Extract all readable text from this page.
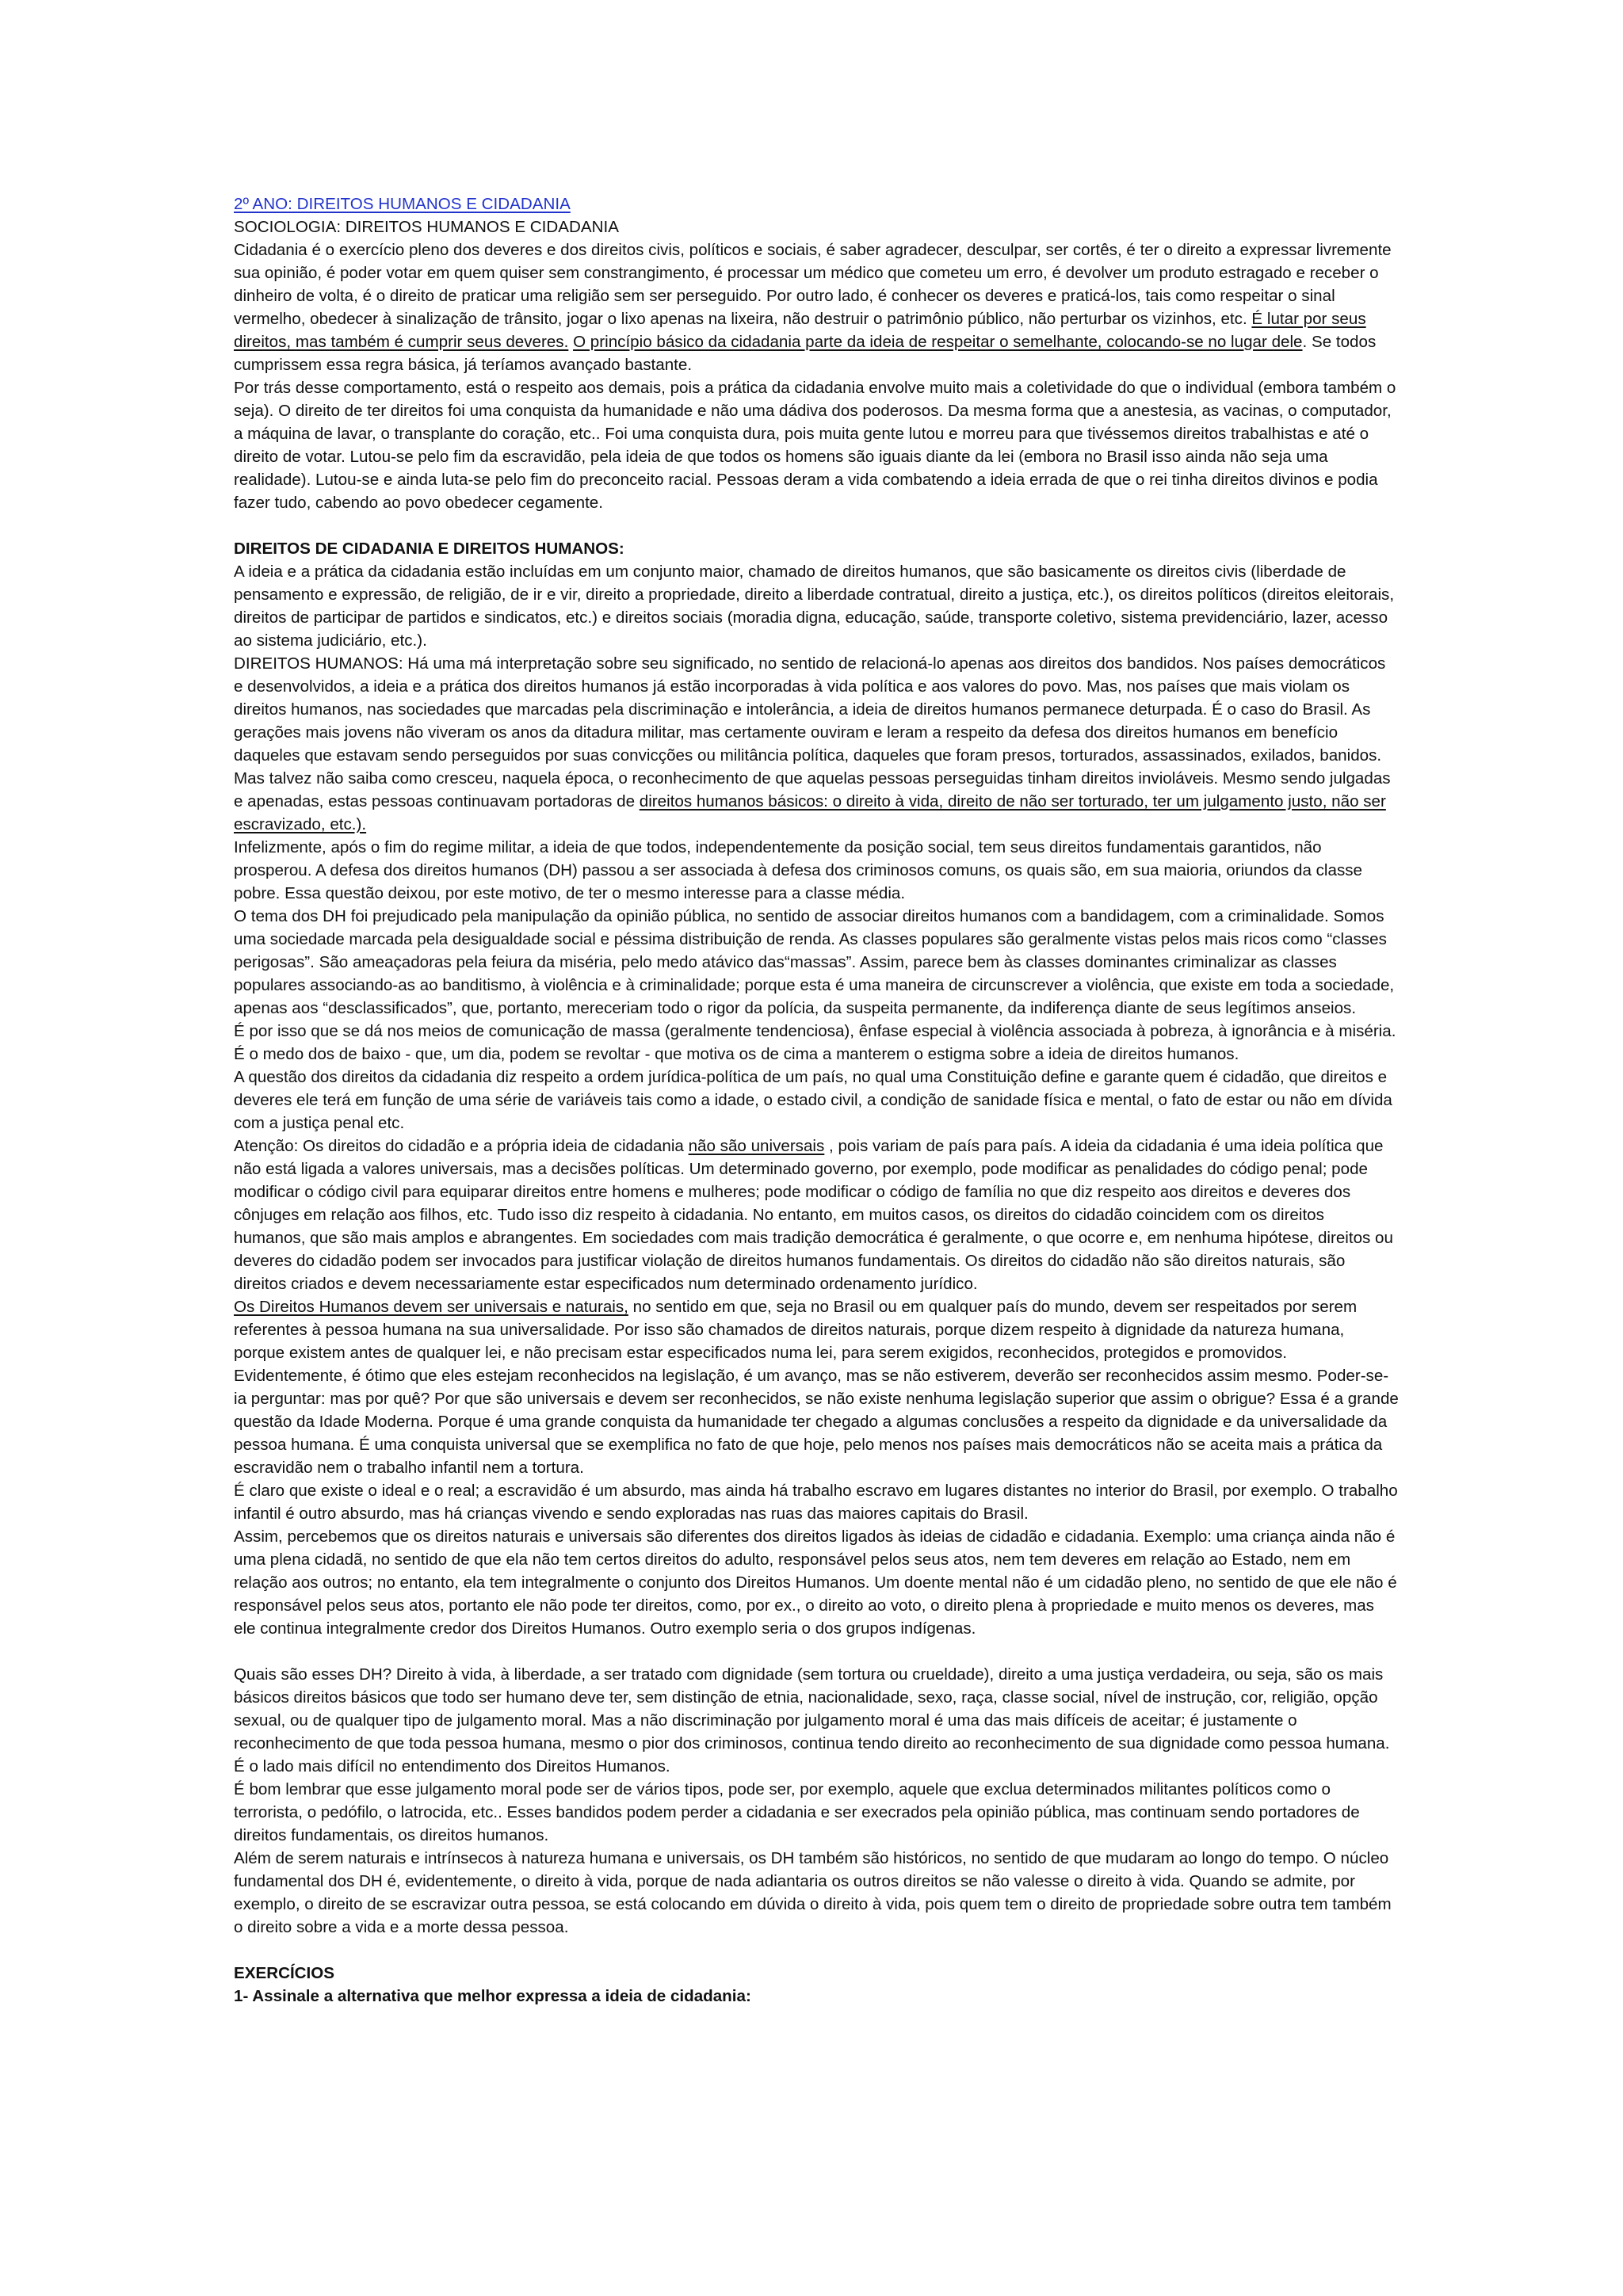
2º ANO: DIREITOS HUMANOS E CIDADANIA

SOCIOLOGIA: DIREITOS HUMANOS E CIDADANIA

Cidadania é o exercício pleno dos deveres e dos direitos civis, políticos e sociais, é saber agradecer, desculpar, ser cortês, é ter o direito a expressar livremente sua opinião, é poder votar em quem quiser sem constrangimento, é processar um médico que cometeu um erro, é devolver um produto estragado e receber o dinheiro de volta, é o direito de praticar uma religião sem ser perseguido. Por outro lado, é conhecer os deveres e praticá-los, tais como respeitar o sinal vermelho, obedecer à sinalização de trânsito, jogar o lixo apenas na lixeira, não destruir o patrimônio público, não perturbar os vizinhos, etc. É lutar por seus direitos, mas também é cumprir seus deveres. O princípio básico da cidadania parte da ideia de respeitar o semelhante, colocando-se no lugar dele. Se todos cumprissem essa regra básica, já teríamos avançado bastante.

Por trás desse comportamento, está o respeito aos demais, pois a prática da cidadania envolve muito mais a coletividade do que o individual (embora também o seja). O direito de ter direitos foi uma conquista da humanidade e não uma dádiva dos poderosos. Da mesma forma que a anestesia, as vacinas, o computador, a máquina de lavar, o transplante do coração, etc.. Foi uma conquista dura, pois muita gente lutou e morreu para que tivéssemos direitos trabalhistas e até o direito de votar. Lutou-se pelo fim da escravidão, pela ideia de que todos os homens são iguais diante da lei (embora no Brasil isso ainda não seja uma realidade). Lutou-se e ainda luta-se pelo fim do preconceito racial. Pessoas deram a vida combatendo a ideia errada de que o rei tinha direitos divinos e podia fazer tudo, cabendo ao povo obedecer cegamente.

DIREITOS DE CIDADANIA E DIREITOS HUMANOS:

A ideia e a prática da cidadania estão incluídas em um conjunto maior, chamado de direitos humanos, que são basicamente os direitos civis (liberdade de pensamento e expressão, de religião, de ir e vir, direito a propriedade, direito a liberdade contratual, direito a justiça, etc.), os direitos políticos (direitos eleitorais, direitos de participar de partidos e sindicatos, etc.) e direitos sociais (moradia digna, educação, saúde, transporte coletivo, sistema previdenciário, lazer, acesso ao sistema judiciário, etc.).

DIREITOS HUMANOS: Há uma má interpretação sobre seu significado, no sentido de relacioná-lo apenas aos direitos dos bandidos. Nos países democráticos e desenvolvidos, a ideia e a prática dos direitos humanos já estão incorporadas à vida política e aos valores do povo. Mas, nos países que mais violam os direitos humanos, nas sociedades que marcadas pela discriminação e intolerância, a ideia de direitos humanos permanece deturpada. É o caso do Brasil. As gerações mais jovens não viveram os anos da ditadura militar, mas certamente ouviram e leram a respeito da defesa dos direitos humanos em benefício daqueles que estavam sendo perseguidos por suas convicções ou militância política, daqueles que foram presos, torturados, assassinados, exilados, banidos. Mas talvez não saiba como cresceu, naquela época, o reconhecimento de que aquelas pessoas perseguidas tinham direitos invioláveis. Mesmo sendo julgadas e apenadas, estas pessoas continuavam portadoras de direitos humanos básicos: o direito à vida, direito de não ser torturado, ter um julgamento justo, não ser escravizado, etc.).

Infelizmente, após o fim do regime militar, a ideia de que todos, independentemente da posição social, tem seus direitos fundamentais garantidos, não prosperou. A defesa dos direitos humanos (DH) passou a ser associada à defesa dos criminosos comuns, os quais são, em sua maioria, oriundos da classe pobre. Essa questão deixou, por este motivo, de ter o mesmo interesse para a classe média.

O tema dos DH foi prejudicado pela manipulação da opinião pública, no sentido de associar direitos humanos com a bandidagem, com a criminalidade. Somos uma sociedade marcada pela desigualdade social e péssima distribuição de renda. As classes populares são geralmente vistas pelos mais ricos como “classes perigosas”. São ameaçadoras pela feiura da miséria, pelo medo atávico das“massas”. Assim, parece bem às classes dominantes criminalizar as classes populares associando-as ao banditismo, à violência e à criminalidade; porque esta é uma maneira de circunscrever a violência, que existe em toda a sociedade, apenas aos “desclassificados”, que, portanto, mereceriam todo o rigor da polícia, da suspeita permanente, da indiferença diante de seus legítimos anseios.

É por isso que se dá nos meios de comunicação de massa (geralmente tendenciosa), ênfase especial à violência associada à pobreza, à ignorância e à miséria. É o medo dos de baixo - que, um dia, podem se revoltar - que motiva os de cima a manterem o estigma sobre a ideia de direitos humanos.

A questão dos direitos da cidadania diz respeito a ordem jurídica-política de um país, no qual uma Constituição define e garante quem é cidadão, que direitos e deveres ele terá em função de uma série de variáveis tais como a idade, o estado civil, a condição de sanidade física e mental, o fato de estar ou não em dívida com a justiça penal etc.

Atenção: Os direitos do cidadão e a própria ideia de cidadania não são universais , pois variam de país para país. A ideia da cidadania é uma ideia política que não está ligada a valores universais, mas a decisões políticas. Um determinado governo, por exemplo, pode modificar as penalidades do código penal; pode modificar o código civil para equiparar direitos entre homens e mulheres; pode modificar o código de família no que diz respeito aos direitos e deveres dos cônjuges em relação aos filhos, etc. Tudo isso diz respeito à cidadania. No entanto, em muitos casos, os direitos do cidadão coincidem com os direitos humanos, que são mais amplos e abrangentes. Em sociedades com mais tradição democrática é geralmente, o que ocorre e, em nenhuma hipótese, direitos ou deveres do cidadão podem ser invocados para justificar violação de direitos humanos fundamentais. Os direitos do cidadão não são direitos naturais, são direitos criados e devem necessariamente estar especificados num determinado ordenamento jurídico.

Os Direitos Humanos devem ser universais e naturais, no sentido em que, seja no Brasil ou em qualquer país do mundo, devem ser respeitados por serem referentes à pessoa humana na sua universalidade. Por isso são chamados de direitos naturais, porque dizem respeito à dignidade da natureza humana, porque existem antes de qualquer lei, e não precisam estar especificados numa lei, para serem exigidos, reconhecidos, protegidos e promovidos.

Evidentemente, é ótimo que eles estejam reconhecidos na legislação, é um avanço, mas se não estiverem, deverão ser reconhecidos assim mesmo. Poder-se-ia perguntar: mas por quê? Por que são universais e devem ser reconhecidos, se não existe nenhuma legislação superior que assim o obrigue? Essa é a grande questão da Idade Moderna. Porque é uma grande conquista da humanidade ter chegado a algumas conclusões a respeito da dignidade e da universalidade da pessoa humana. É uma conquista universal que se exemplifica no fato de que hoje, pelo menos nos países mais democráticos não se aceita mais a prática da escravidão nem o trabalho infantil nem a tortura.

É claro que existe o ideal e o real; a escravidão é um absurdo, mas ainda há trabalho escravo em lugares distantes no interior do Brasil, por exemplo. O trabalho infantil é outro absurdo, mas há crianças vivendo e sendo exploradas nas ruas das maiores capitais do Brasil.

Assim, percebemos que os direitos naturais e universais são diferentes dos direitos ligados às ideias de cidadão e cidadania. Exemplo: uma criança ainda não é uma plena cidadã, no sentido de que ela não tem certos direitos do adulto, responsável pelos seus atos, nem tem deveres em relação ao Estado, nem em relação aos outros; no entanto, ela tem integralmente o conjunto dos Direitos Humanos. Um doente mental não é um cidadão pleno, no sentido de que ele não é responsável pelos seus atos, portanto ele não pode ter direitos, como, por ex., o direito ao voto, o direito plena à propriedade e muito menos os deveres, mas ele continua integralmente credor dos Direitos Humanos. Outro exemplo seria o dos grupos indígenas.

Quais são esses DH? Direito à vida, à liberdade, a ser tratado com dignidade (sem tortura ou crueldade), direito a uma justiça verdadeira, ou seja, são os mais básicos direitos básicos que todo ser humano deve ter, sem distinção de etnia, nacionalidade, sexo, raça, classe social, nível de instrução, cor, religião, opção sexual, ou de qualquer tipo de julgamento moral. Mas a não discriminação por julgamento moral é uma das mais difíceis de aceitar; é justamente o reconhecimento de que toda pessoa humana, mesmo o pior dos criminosos, continua tendo direito ao reconhecimento de sua dignidade como pessoa humana. É o lado mais difícil no entendimento dos Direitos Humanos.

É bom lembrar que esse julgamento moral pode ser de vários tipos, pode ser, por exemplo, aquele que exclua determinados militantes políticos como o terrorista, o pedófilo, o latrocida, etc.. Esses bandidos podem perder a cidadania e ser execrados pela opinião pública, mas continuam sendo portadores de direitos fundamentais, os direitos humanos.

Além de serem naturais e intrínsecos à natureza humana e universais, os DH também são históricos, no sentido de que mudaram ao longo do tempo. O núcleo fundamental dos DH é, evidentemente, o direito à vida, porque de nada adiantaria os outros direitos se não valesse o direito à vida. Quando se admite, por exemplo, o direito de se escravizar outra pessoa, se está colocando em dúvida o direito à vida, pois quem tem o direito de propriedade sobre outra tem também o direito sobre a vida e a morte dessa pessoa.

EXERCÍCIOS

1- Assinale a alternativa que melhor expressa a ideia de cidadania:
